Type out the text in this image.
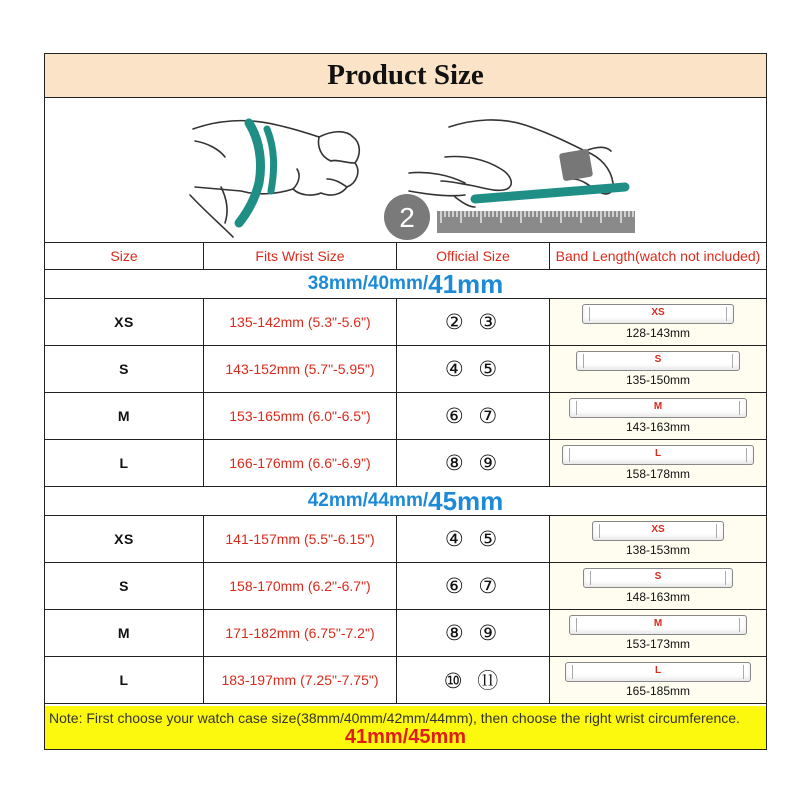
Product Size
2
Size	Fits Wrist Size	Official Size	Band Length(watch not included)
38mm/40mm/ 41mm
XS	135-142mm (5.3"-5.6")	② ③	XS
128-143mm
S	143-152mm (5.7"-5.95")	④ ⑤	S
135-150mm
M	153-165mm (6.0"-6.5")	⑥ ⑦	M
143-163mm
L	166-176mm (6.6"-6.9")	⑧ ⑨	L
158-178mm
42mm/44mm/ 45mm
XS	141-157mm (5.5"-6.15")	④ ⑤	XS
138-153mm
S	158-170mm (6.2"-6.7")	⑥ ⑦	S
148-163mm
M	171-182mm (6.75"-7.2")	⑧ ⑨	M
153-173mm
L	183-197mm (7.25"-7.75")	⑩ ⑪	L
165-185mm
Note: First choose your watch case size(38mm/40mm/42mm/44mm), then choose the right wrist circumference.
41mm/45mm
